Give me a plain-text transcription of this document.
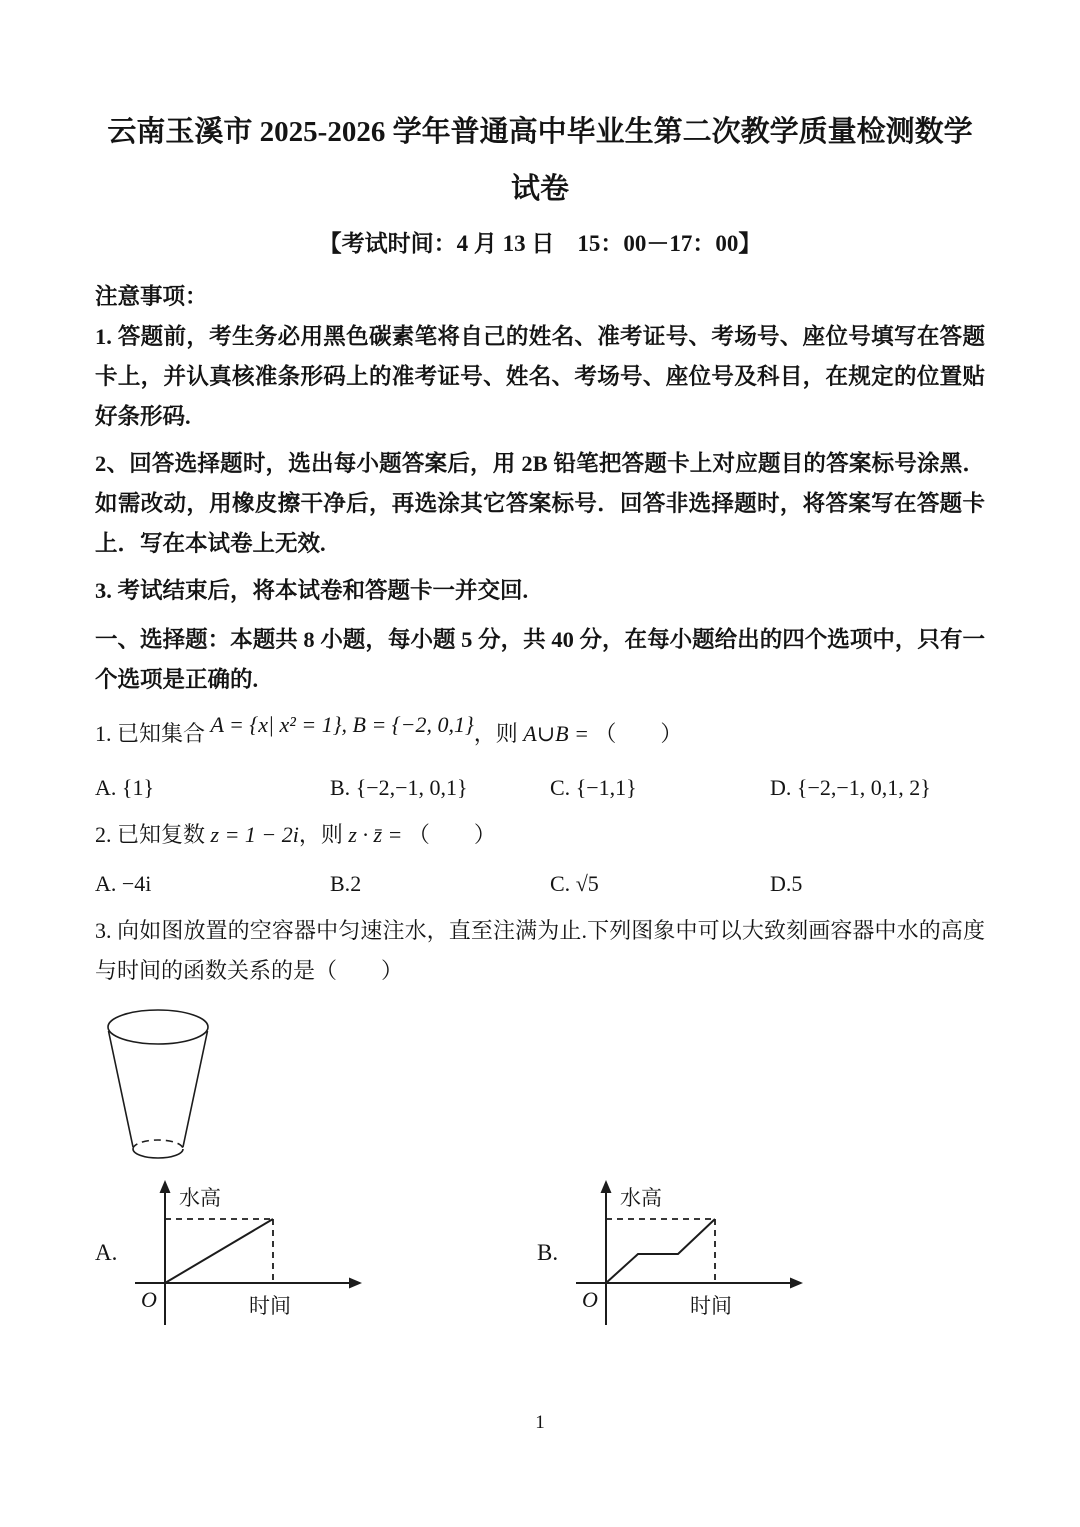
云南玉溪市 2025-2026 学年普通高中毕业生第二次教学质量检测数学
试卷
【考试时间：4 月 13 日　15：00－17：00】
注意事项：

1. 答题前，考生务必用黑色碳素笔将自己的姓名、准考证号、考场号、座位号填写在答题卡上，并认真核准条形码上的准考证号、姓名、考场号、座位号及科目，在规定的位置贴好条形码.

2、回答选择题时，选出每小题答案后，用 2B 铅笔把答题卡上对应题目的答案标号涂黑．如需改动，用橡皮擦干净后，再选涂其它答案标号．回答非选择题时，将答案写在答题卡上．写在本试卷上无效.

3. 考试结束后，将本试卷和答题卡一并交回.

一、选择题：本题共 8 小题，每小题 5 分，共 40 分，在每小题给出的四个选项中，只有一个选项是正确的.

1. 已知集合 A = {x| x² = 1}, B = {−2, 0,1}，则 A∪B = （　　）

A. {1}	B. {−2,−1, 0,1}	C. {−1,1}	D. {−2,−1, 0,1, 2}

2. 已知复数 z = 1 − 2i，则 z · z̄ = （　　）

A. −4i	B.2	C. √5	D.5

3. 向如图放置的空容器中匀速注水，直至注满为止.下列图象中可以大致刻画容器中水的高度与时间的函数关系的是（　　）

A.
水高
时间
O
B.
水高
时间
O
1
